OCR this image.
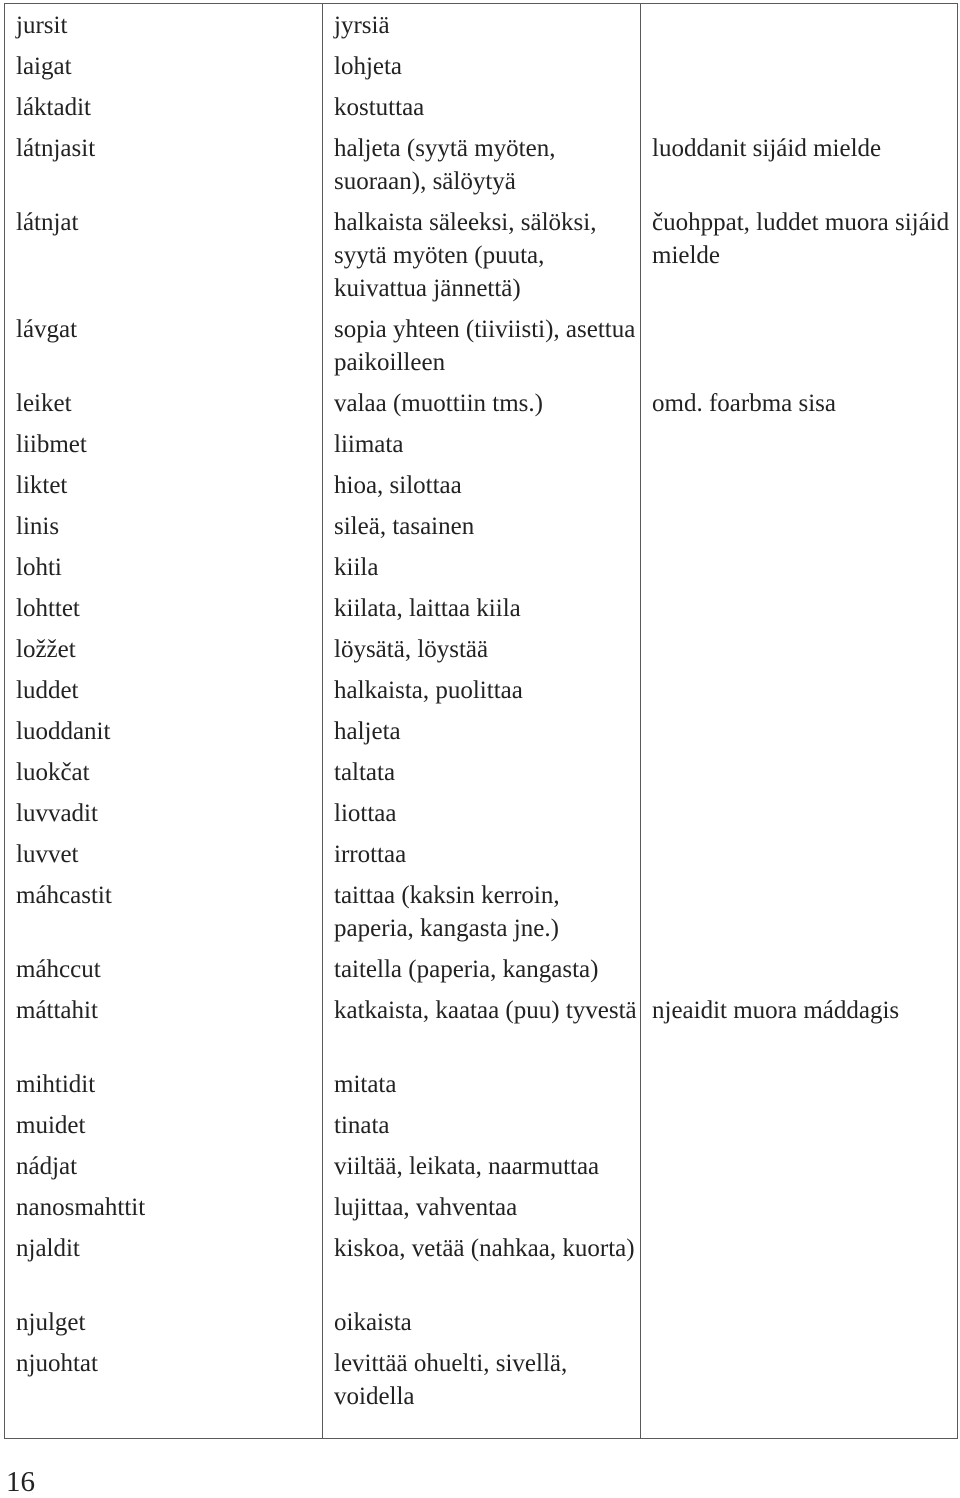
jursit	jyrsiä	
laigat	lohjeta	
láktadit	kostuttaa	
látnjasit	haljeta (syytä myöten, suoraan), sälöytyä	luoddanit sijáid mielde
látnjat	halkaista säleeksi, sälöksi, syytä myöten (puuta, kuivattua jännettä)	čuohppat, luddet muora sijáid mielde
lávgat	sopia yhteen (tiiviisti), asettua paikoilleen	
leiket	valaa (muottiin tms.)	omd. foarbma sisa
liibmet	liimata	
liktet	hioa, silottaa	
linis	sileä, tasainen	
lohti	kiila	
lohttet	kiilata, laittaa kiila	
ložžet	löysätä, löystää	
luddet	halkaista, puolittaa	
luoddanit	haljeta	
luokčat	taltata	
luvvadit	liottaa	
luvvet	irrottaa	
máhcastit	taittaa (kaksin kerroin, paperia, kangasta jne.)	
máhccut	taitella (paperia, kangasta)	
máttahit	katkaista, kaataa (puu) tyvestä	njeaidit muora máddagis
mihtidit	mitata	
muidet	tinata	
nádjat	viiltää, leikata, naarmuttaa	
nanosmahttit	lujittaa, vahventaa	
njaldit	kiskoa, vetää (nahkaa, kuorta)	
njulget	oikaista	
njuohtat	levittää ohuelti, sivellä, voidella	
16
